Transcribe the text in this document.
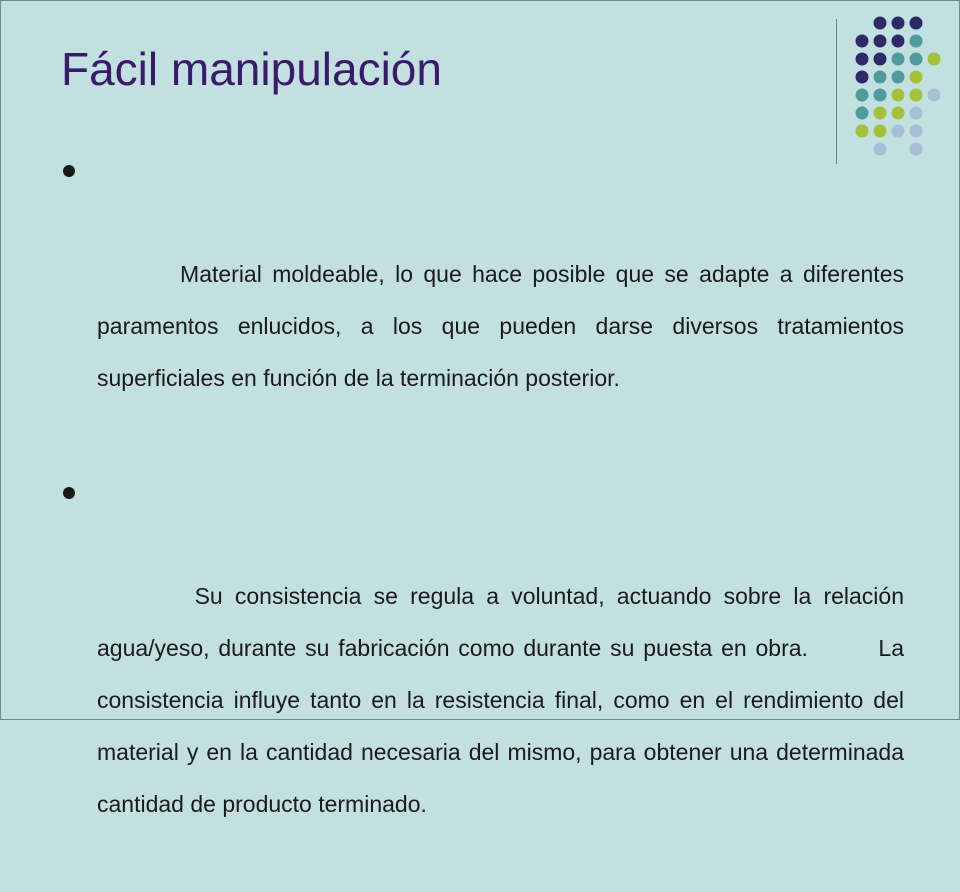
Fácil manipulación

Material moldeable, lo que hace posible que se adapte a diferentes paramentos enlucidos, a los que pueden darse diversos tratamientos superficiales en función de la terminación posterior.

Su consistencia se regula a voluntad, actuando sobre la relación  agua/yeso, durante su fabricación como durante su puesta en obra.        La consistencia influye tanto en la resistencia final, como en el rendimiento del material y en la cantidad necesaria del mismo, para obtener una determinada cantidad de producto terminado.
